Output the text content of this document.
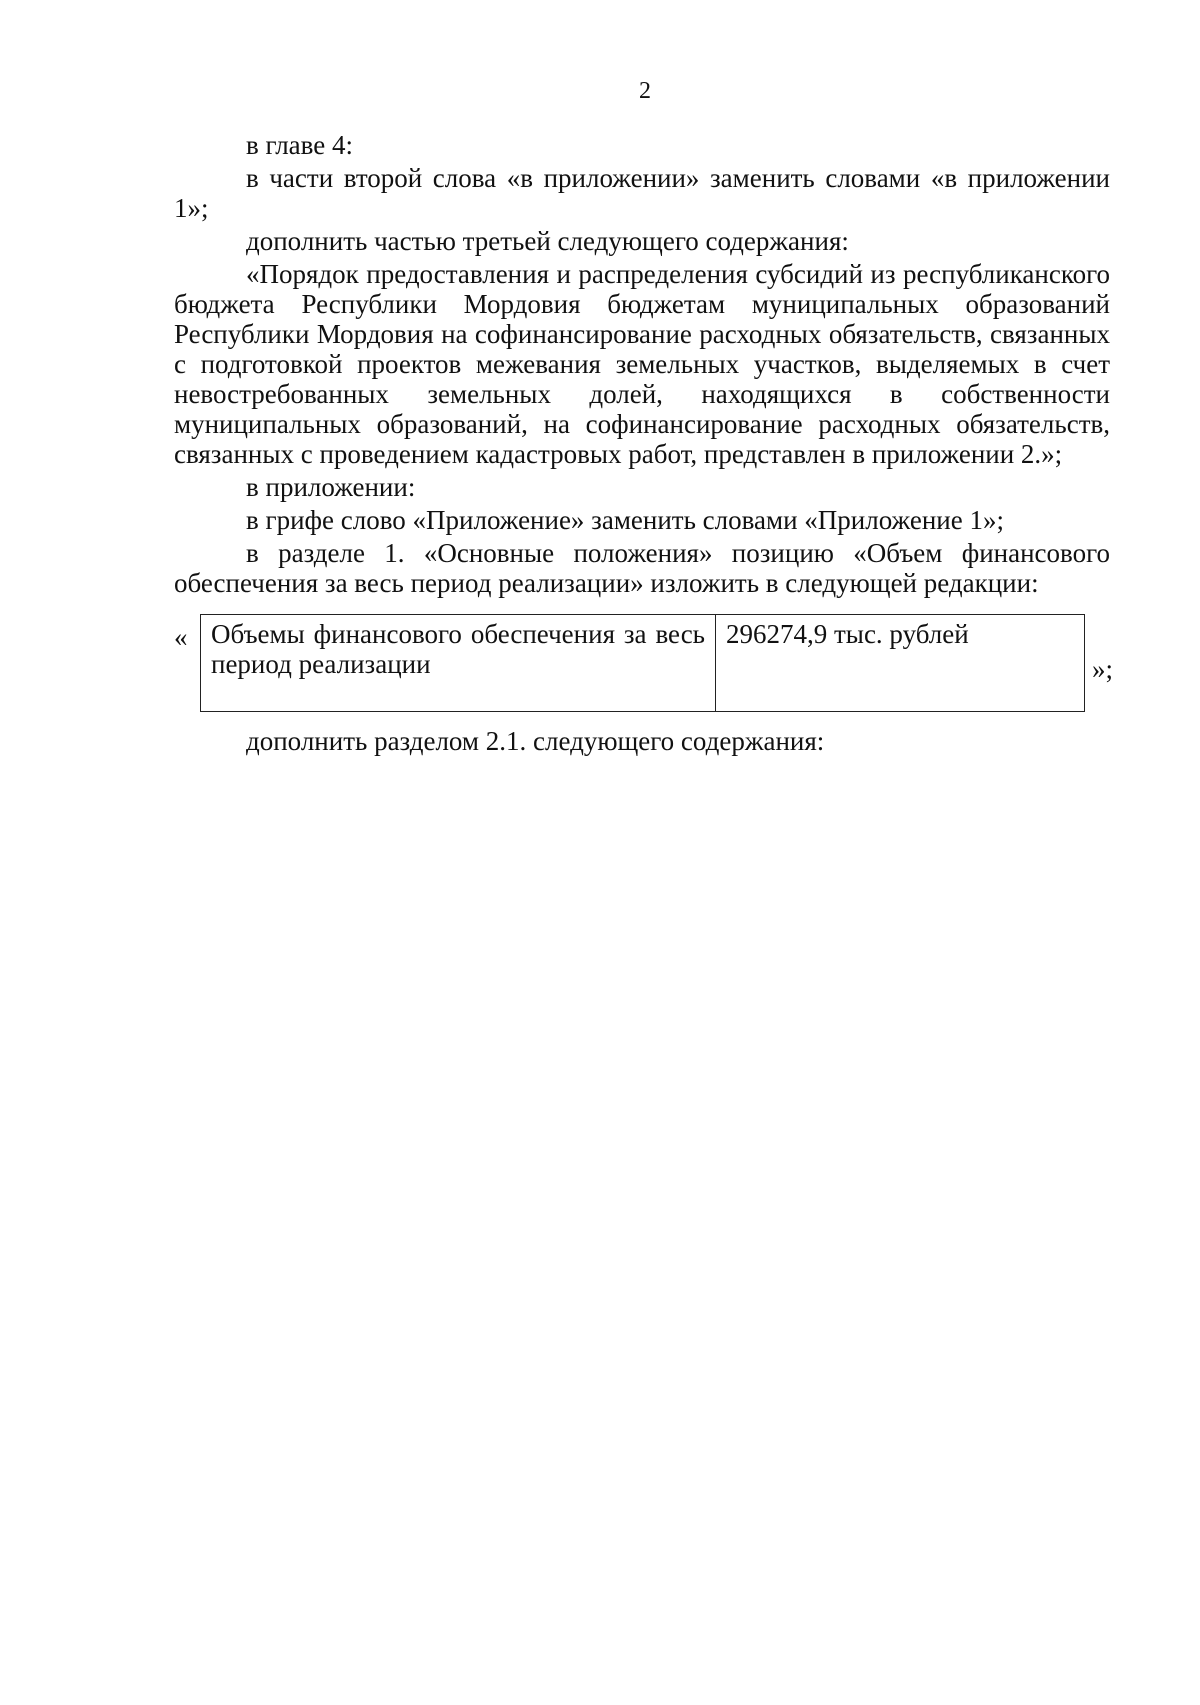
2

в главе 4:

в части второй слова «в приложении» заменить словами «в приложении 1»;

дополнить частью третьей следующего содержания:

«Порядок предоставления и распределения субсидий из республиканского бюджета Республики Мордовия бюджетам муниципальных образований Республики Мордовия на софинансирование расходных обязательств, связанных с подготовкой проектов межевания земельных участков, выделяемых в счет невостребованных земельных долей, находящихся в собственности муниципальных образований, на софинансирование расходных обязательств, связанных с проведением кадастровых работ, представлен в приложении 2.»;

в приложении:

в грифе слово «Приложение» заменить словами «Приложение 1»;

в разделе 1. «Основные положения» позицию «Объем финансового обеспечения за весь период реализации» изложить в следующей редакции:

« Объемы финансового обеспечения за весь период реализации	296274,9 тыс. рублей
»;

дополнить разделом 2.1. следующего содержания:
